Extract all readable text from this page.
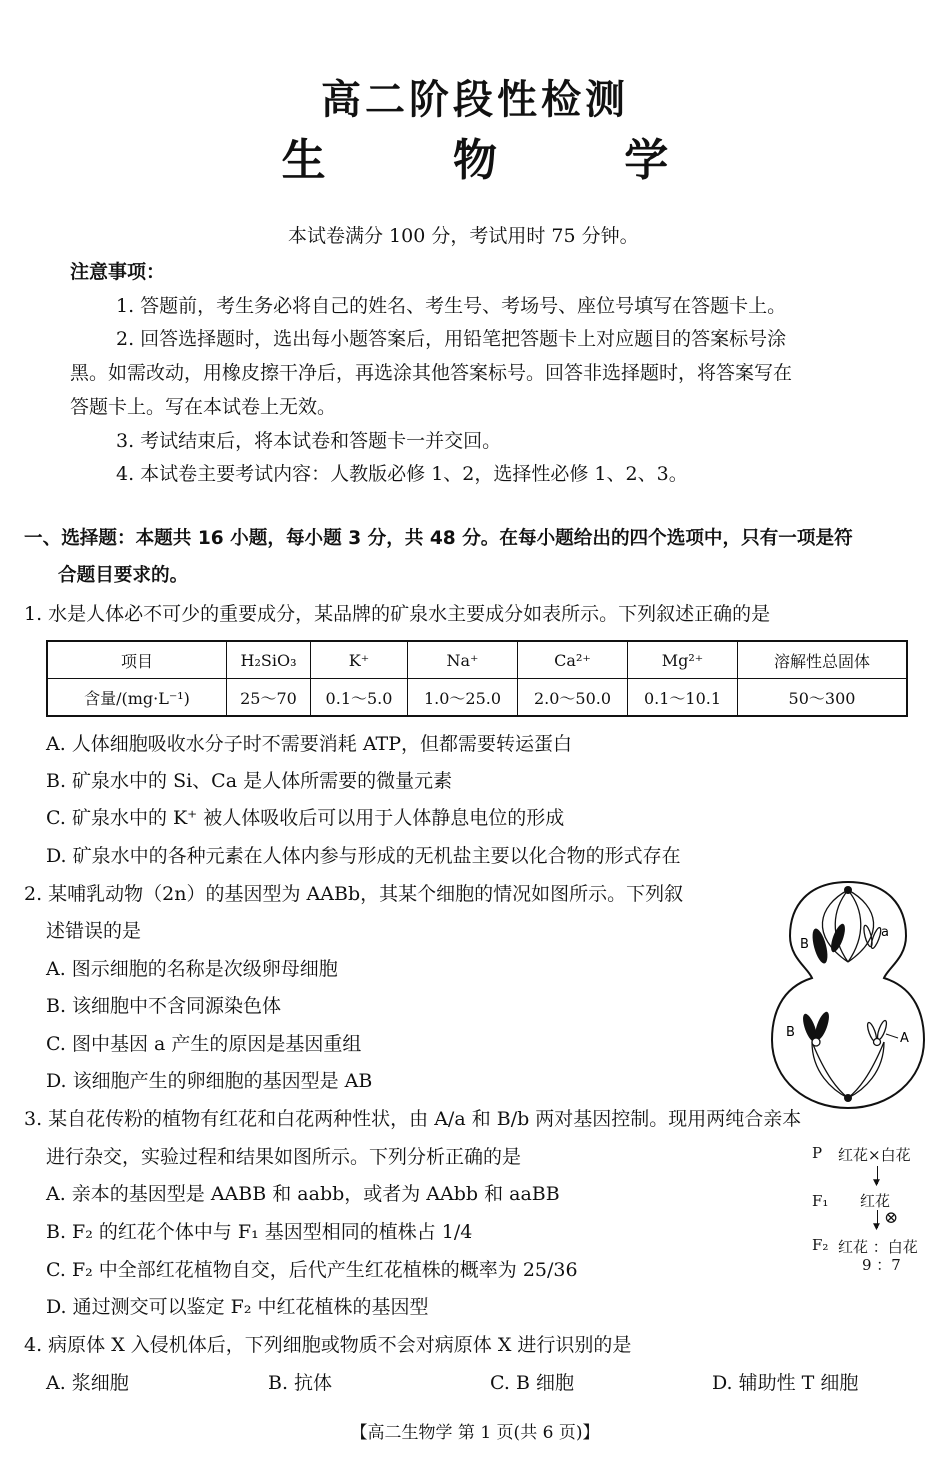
高二阶段性检测
生 物 学
本试卷满分 100 分，考试用时 75 分钟。
注意事项：
1. 答题前，考生务必将自己的姓名、考生号、考场号、座位号填写在答题卡上。
2. 回答选择题时，选出每小题答案后，用铅笔把答题卡上对应题目的答案标号涂
黑。如需改动，用橡皮擦干净后，再选涂其他答案标号。回答非选择题时，将答案写在
答题卡上。写在本试卷上无效。
3. 考试结束后，将本试卷和答题卡一并交回。
4. 本试卷主要考试内容：人教版必修 1、2，选择性必修 1、2、3。
一、选择题：本题共 16 小题，每小题 3 分，共 48 分。在每小题给出的四个选项中，只有一项是符
合题目要求的。
1. 水是人体必不可少的重要成分，某品牌的矿泉水主要成分如表所示。下列叙述正确的是
项目	H₂SiO₃	K⁺	Na⁺	Ca²⁺	Mg²⁺	溶解性总固体
含量/(mg·L⁻¹)	25～70	0.1～5.0	1.0～25.0	2.0～50.0	0.1～10.1	50～300
A. 人体细胞吸收水分子时不需要消耗 ATP，但都需要转运蛋白
B. 矿泉水中的 Si、Ca 是人体所需要的微量元素
C. 矿泉水中的 K⁺ 被人体吸收后可以用于人体静息电位的形成
D. 矿泉水中的各种元素在人体内参与形成的无机盐主要以化合物的形式存在
2. 某哺乳动物（2n）的基因型为 AABb，其某个细胞的情况如图所示。下列叙
述错误的是
A. 图示细胞的名称是次级卵母细胞
B. 该细胞中不含同源染色体
C. 图中基因 a 产生的原因是基因重组
D. 该细胞产生的卵细胞的基因型是 AB
B
a
B	A
3. 某自花传粉的植物有红花和白花两种性状，由 A/a 和 B/b 两对基因控制。现用两纯合亲本
进行杂交，实验过程和结果如图所示。下列分析正确的是
A. 亲本的基因型是 AABB 和 aabb，或者为 AAbb 和 aaBB
B. F₂ 的红花个体中与 F₁ 基因型相同的植株占 1/4
C. F₂ 中全部红花植物自交，后代产生红花植株的概率为 25/36
D. 通过测交可以鉴定 F₂ 中红花植株的基因型
P 红花×白花
▼
F₁ 红花
▼ ⊗
F₂ 红花 ：白花
9 ：7
4. 病原体 X 入侵机体后，下列细胞或物质不会对病原体 X 进行识别的是
A. 浆细胞	B. 抗体	C. B 细胞	D. 辅助性 T 细胞
【高二生物学 第 1 页(共 6 页)】
